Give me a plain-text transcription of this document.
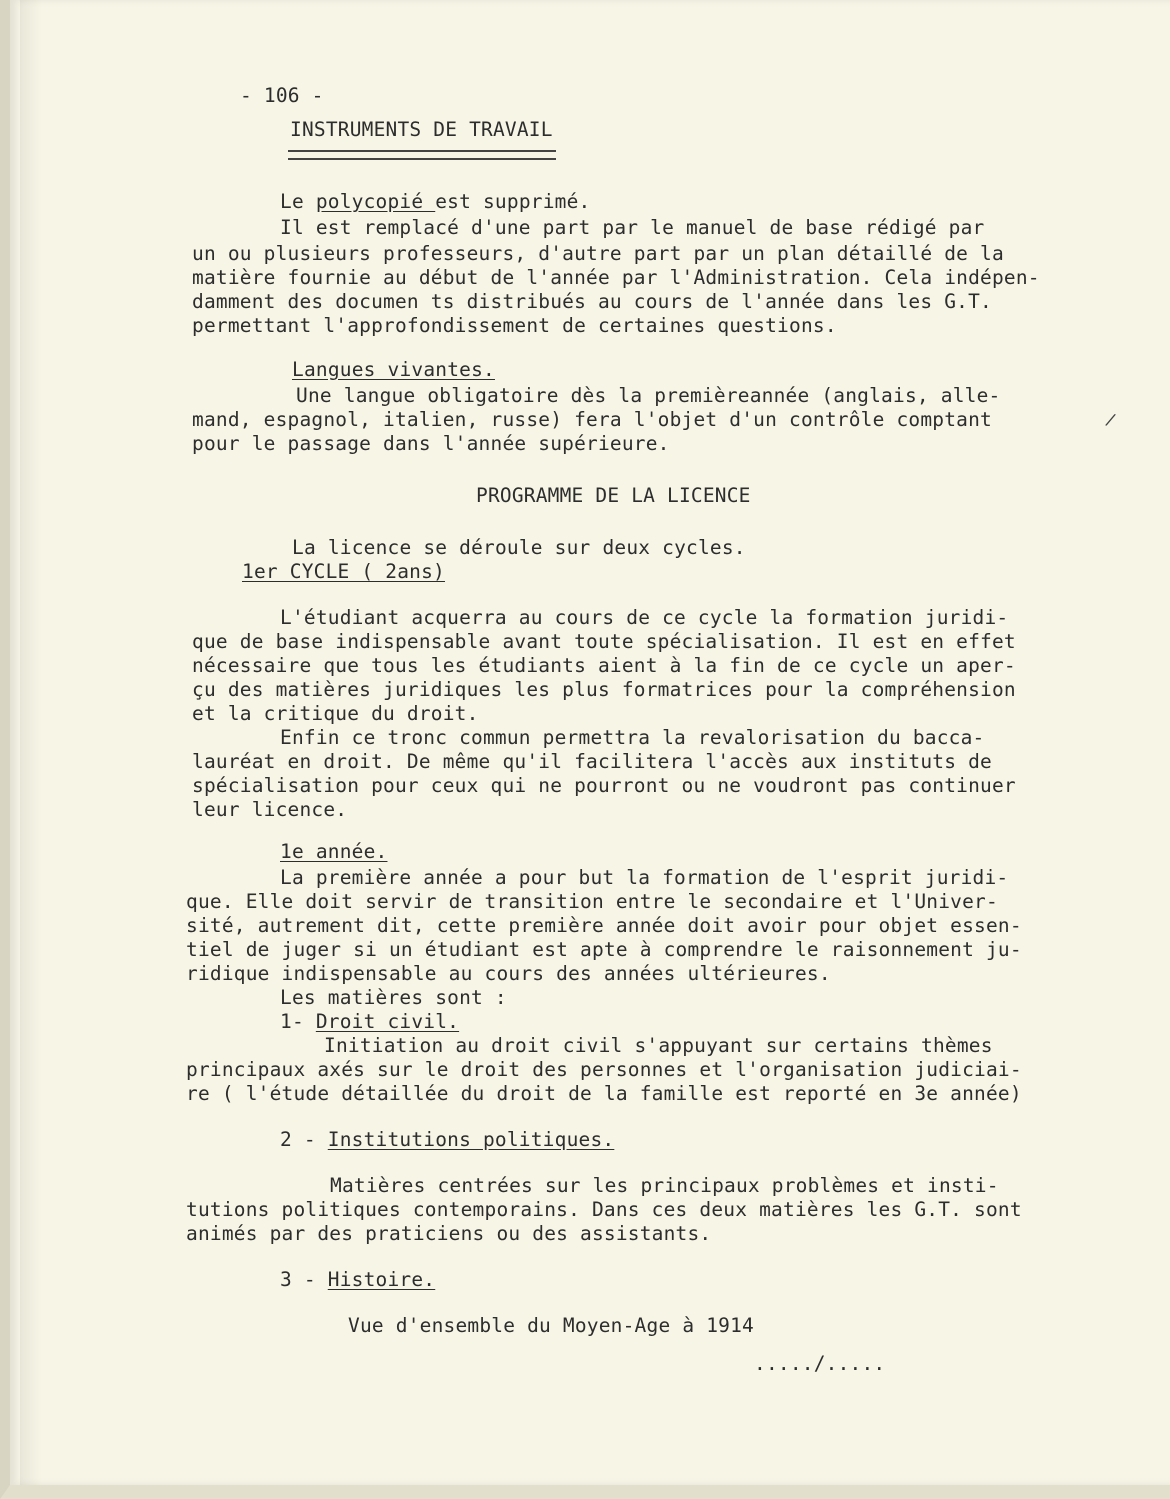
- 106 -
INSTRUMENTS DE TRAVAIL
Le polycopié est supprimé.
Il est remplacé d'une part par le manuel de base rédigé par
un ou plusieurs professeurs, d'autre part par un plan détaillé de la
matière fournie au début de l'année par l'Administration. Cela indépen-
damment des documen ts distribués au cours de l'année dans les G.T.
permettant l'approfondissement de certaines questions.
Langues vivantes.
Une langue obligatoire dès la premièreannée (anglais, alle-
mand, espagnol, italien, russe) fera l'objet d'un contrôle comptant
pour le passage dans l'année supérieure.
/
PROGRAMME DE LA LICENCE
La licence se déroule sur deux cycles.
1er CYCLE ( 2ans)
L'étudiant acquerra au cours de ce cycle la formation juridi-
que de base indispensable avant toute spécialisation. Il est en effet
nécessaire que tous les étudiants aient à la fin de ce cycle un aper-
çu des matières juridiques les plus formatrices pour la compréhension
et la critique du droit.
Enfin ce tronc commun permettra la revalorisation du bacca-
lauréat en droit. De même qu'il facilitera l'accès aux instituts de
spécialisation pour ceux qui ne pourront ou ne voudront pas continuer
leur licence.
1e année.
La première année a pour but la formation de l'esprit juridi-
que. Elle doit servir de transition entre le secondaire et l'Univer-
sité, autrement dit, cette première année doit avoir pour objet essen-
tiel de juger si un étudiant est apte à comprendre le raisonnement ju-
ridique indispensable au cours des années ultérieures.
Les matières sont :
1- Droit civil.
Initiation au droit civil s'appuyant sur certains thèmes
principaux axés sur le droit des personnes et l'organisation judiciai-
re ( l'étude détaillée du droit de la famille est reporté en 3e année)
2 - Institutions politiques.
Matières centrées sur les principaux problèmes et insti-
tutions politiques contemporains. Dans ces deux matières les G.T. sont
animés par des praticiens ou des assistants.
3 - Histoire.
Vue d'ensemble du Moyen-Age à 1914
...../.....
